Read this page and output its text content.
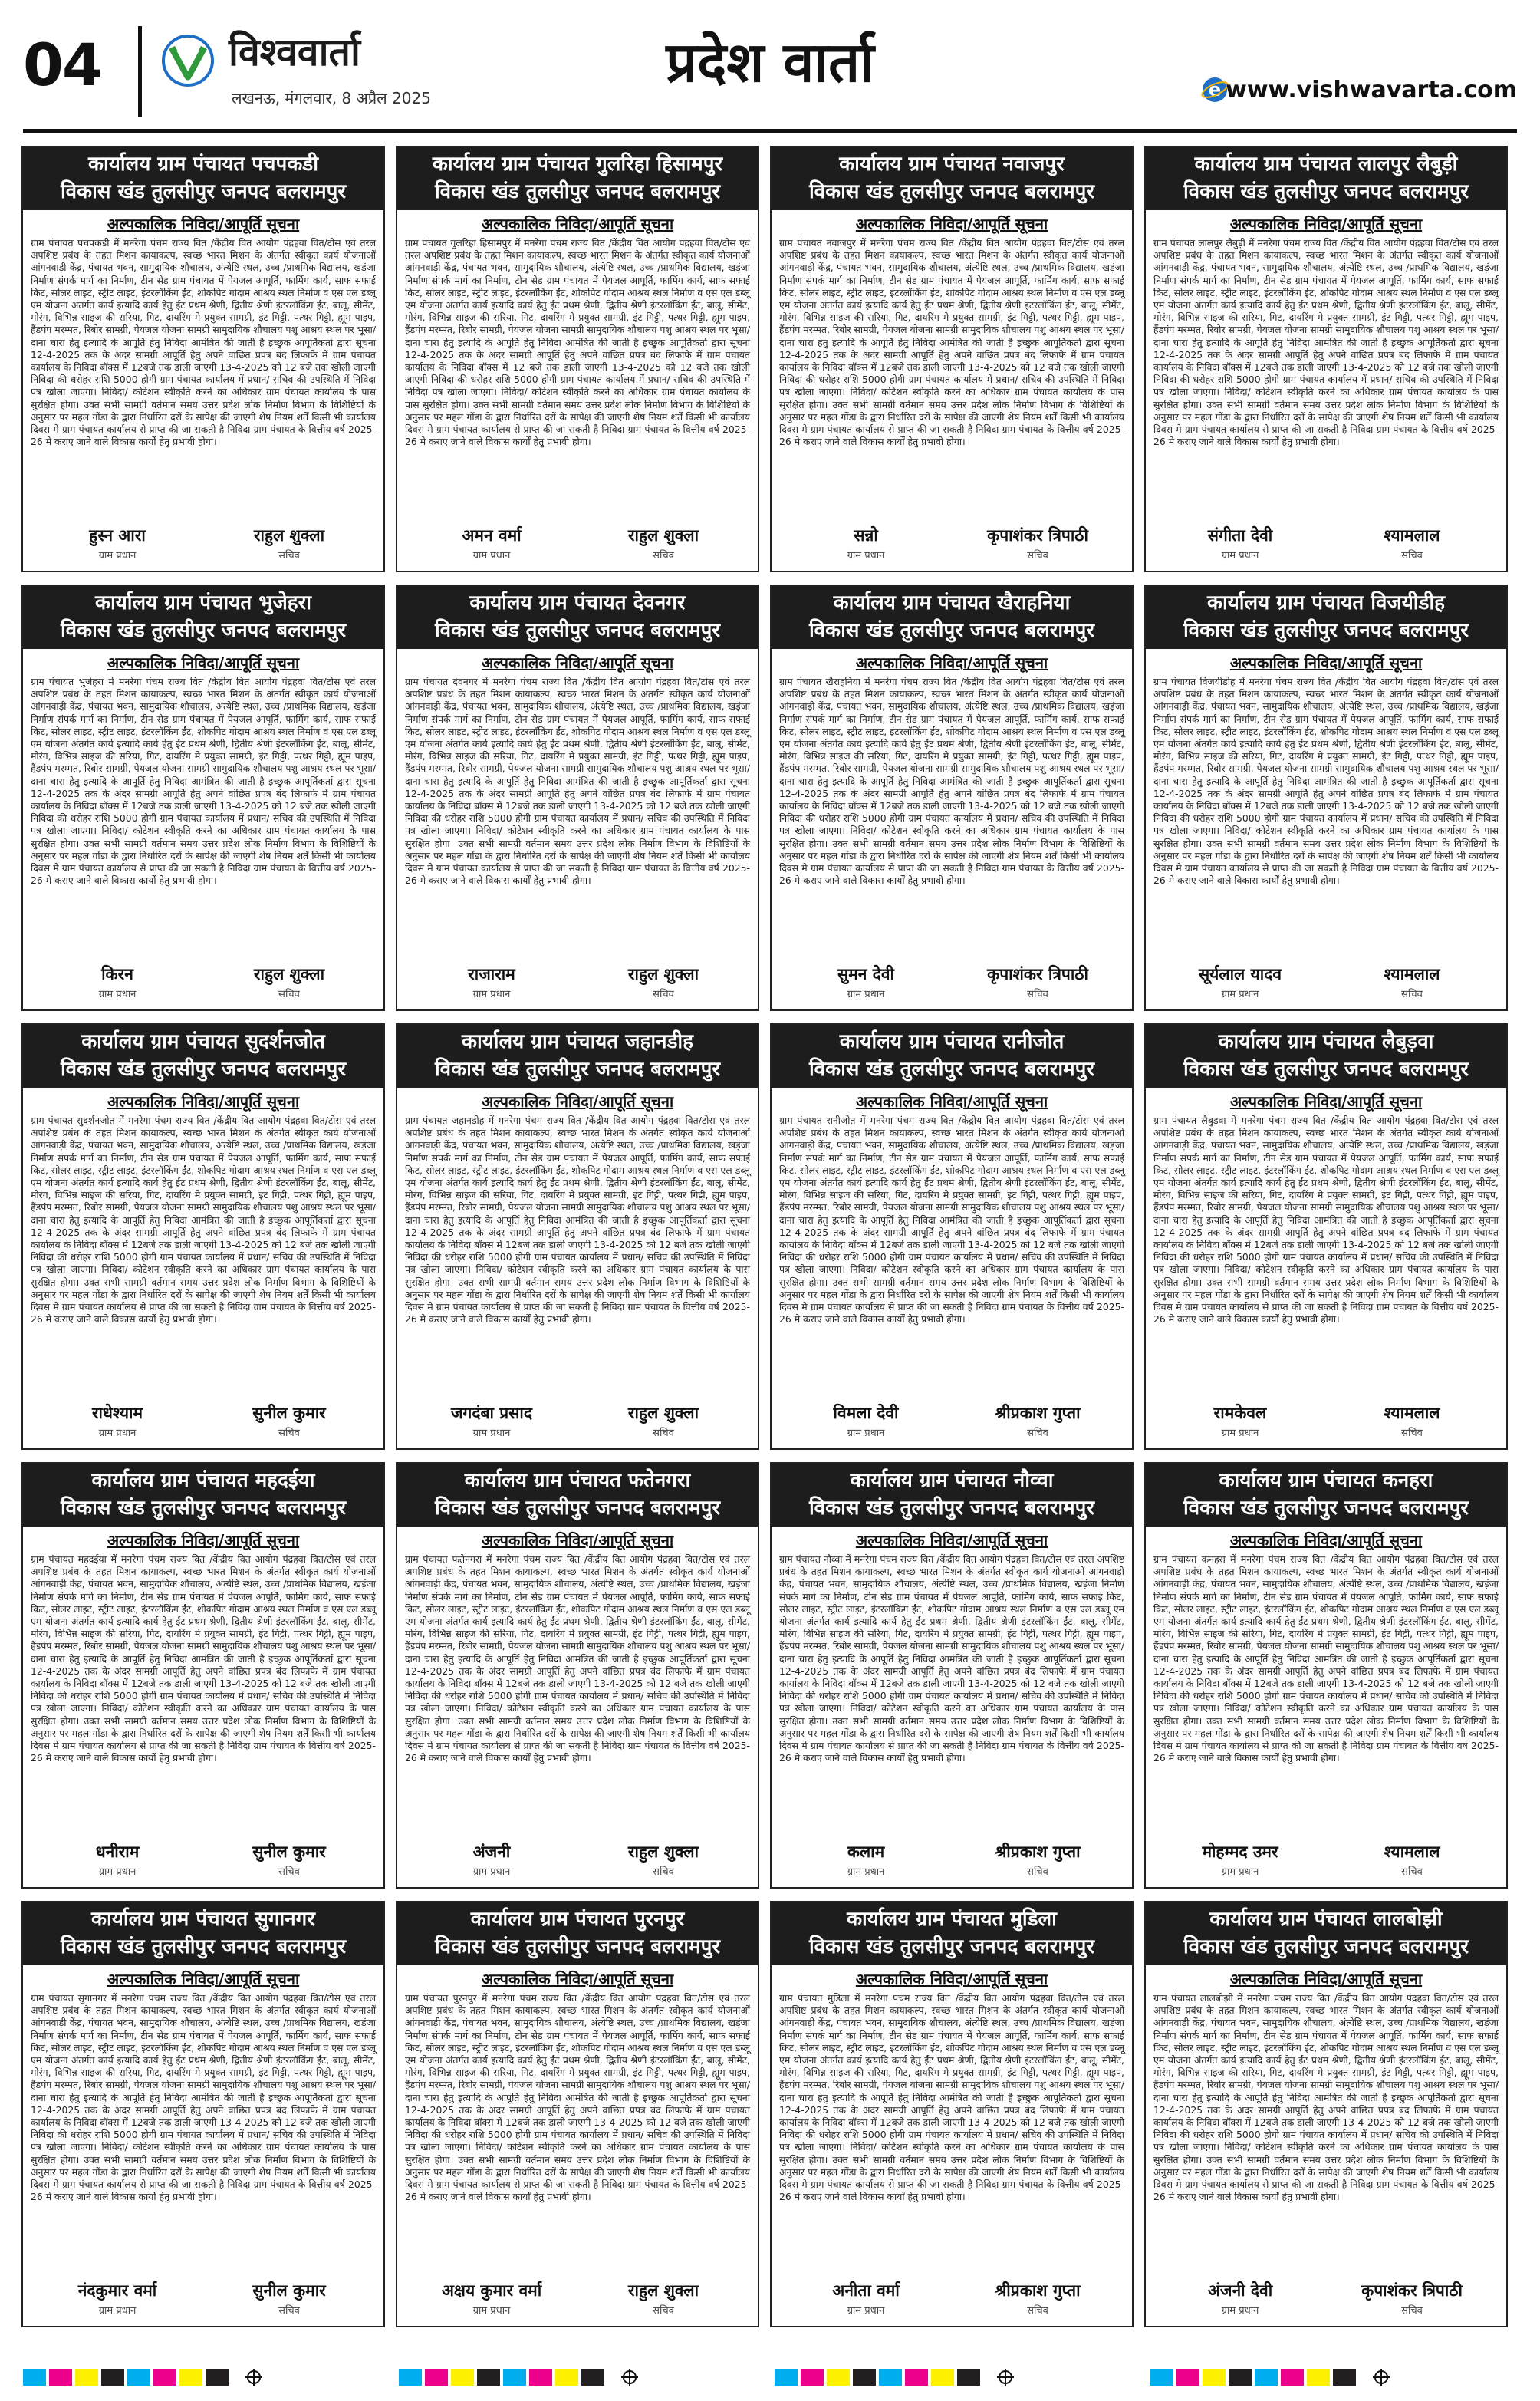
04	विश्ववार्ता
लखनऊ, मंगलवार, 8 अप्रैल 2025
प्रदेश वार्ता	e www.vishwavarta.com
कार्यालय ग्राम पंचायत पचपकडी
विकास खंड तुलसीपुर जनपद बलरामपुर
अल्पकालिक निविदा/आपूर्ति सूचना
ग्राम पंचायत पचपकडी में मनरेगा पंचम राज्य वित /केंद्रीय वित आयोग पंद्रहवा वित/टोस एवं तरल अपशिष्ट प्रबंध के तहत मिशन कायाकल्प, स्वच्छ भारत मिशन के अंतर्गत स्वीकृत कार्य योजनाओं आंगनवाड़ी केंद्र, पंचायत भवन, सामुदायिक शौचालय, अंत्येष्टि स्थल, उच्च /प्राथमिक विद्यालय, खड़ंजा निर्माण संपर्क मार्ग का निर्माण, टीन सेड ग्राम पंचायत में पेयजल आपूर्ति, फार्मिग कार्य, साफ सफाई किट, सोलर लाइट, स्ट्रीट लाइट, इंटरलॉकिंग ईंट, शोकपिट गोदाम आश्रय स्थल निर्माण व एस एल डब्लू एम योजना अंतर्गत कार्य इत्यादि कार्य हेतु ईंट प्रथम श्रेणी, द्वितीय श्रेणी इंटरलॉकिंग ईंट, बालू, सीमेंट, मोरंग, विभिन्न साइज की सरिया, गिट, दायरिंग मे प्रयुक्त सामग्री, इंट गिट्टी, पत्थर गिट्टी, ह्यूम पाइप, हैंडपंप मरम्मत, रिबोर सामग्री, पेयजल योजना सामग्री सामुदायिक शौचालय पशु आश्रय स्थल पर भूसा/दाना चारा हेतु इत्यादि के आपूर्ति हेतु निविदा आमंत्रित की जाती है इच्छुक आपूर्तिकर्ता द्वारा सूचना 12-4-2025 तक के अंदर सामग्री आपूर्ति हेतु अपने वांछित प्रपत्र बंद लिफाफे में ग्राम पंचायत कार्यालय के निविदा बॉक्स में 12बजे तक डाली जाएगी 13-4-2025 को 12 बजे तक खोली जाएगी निविदा की धरोहर राशि 5000 होगी ग्राम पंचायत कार्यालय में प्रधान/ सचिव की उपस्थिति में निविदा पत्र खोला जाएगा। निविदा/ कोटेशन स्वीकृति करने का अधिकार ग्राम पंचायत कार्यालय के पास सुरक्षित होगा। उक्त सभी सामग्री वर्तमान समय उत्तर प्रदेश लोक निर्माण विभाग के विशिष्टियों के अनुसार पर महल गोंडा के द्वारा निर्धारित दरों के सापेक्ष की जाएगी शेष नियम शर्तें किसी भी कार्यालय दिवस मे ग्राम पंचायत कार्यालय से प्राप्त की जा सकती है निविदा ग्राम पंचायत के वित्तीय वर्ष 2025-26 मे कराए जाने वाले विकास कार्यों हेतु प्रभावी होगा।
हुस्न आरा
ग्राम प्रधान
राहुल शुक्ला
सचिव
कार्यालय ग्राम पंचायत गुलरिहा हिसामपुर
विकास खंड तुलसीपुर जनपद बलरामपुर
अल्पकालिक निविदा/आपूर्ति सूचना
ग्राम पंचायत गुलरिहा हिसामपुर में मनरेगा पंचम राज्य वित /केंद्रीय वित आयोग पंद्रहवा वित/टोस एवं तरल अपशिष्ट प्रबंध के तहत मिशन कायाकल्प, स्वच्छ भारत मिशन के अंतर्गत स्वीकृत कार्य योजनाओं आंगनवाड़ी केंद्र, पंचायत भवन, सामुदायिक शौचालय, अंत्येष्टि स्थल, उच्च /प्राथमिक विद्यालय, खड़ंजा निर्माण संपर्क मार्ग का निर्माण, टीन सेड ग्राम पंचायत में पेयजल आपूर्ति, फार्मिग कार्य, साफ सफाई किट, सोलर लाइट, स्ट्रीट लाइट, इंटरलॉकिंग ईंट, शोकपिट गोदाम आश्रय स्थल निर्माण व एस एल डब्लू एम योजना अंतर्गत कार्य इत्यादि कार्य हेतु ईंट प्रथम श्रेणी, द्वितीय श्रेणी इंटरलॉकिंग ईंट, बालू, सीमेंट, मोरंग, विभिन्न साइज की सरिया, गिट, दायरिंग मे प्रयुक्त सामग्री, इंट गिट्टी, पत्थर गिट्टी, ह्यूम पाइप, हैंडपंप मरम्मत, रिबोर सामग्री, पेयजल योजना सामग्री सामुदायिक शौचालय पशु आश्रय स्थल पर भूसा/दाना चारा हेतु इत्यादि के आपूर्ति हेतु निविदा आमंत्रित की जाती है इच्छुक आपूर्तिकर्ता द्वारा सूचना 12-4-2025 तक के अंदर सामग्री आपूर्ति हेतु अपने वांछित प्रपत्र बंद लिफाफे में ग्राम पंचायत कार्यालय के निविदा बॉक्स में 12 बजे तक डाली जाएगी 13-4-2025 को 12 बजे तक खोली जाएगी निविदा की धरोहर राशि 5000 होगी ग्राम पंचायत कार्यालय में प्रधान/ सचिव की उपस्थिति में निविदा पत्र खोला जाएगा। निविदा/ कोटेशन स्वीकृति करने का अधिकार ग्राम पंचायत कार्यालय के पास सुरक्षित होगा। उक्त सभी सामग्री वर्तमान समय उत्तर प्रदेश लोक निर्माण विभाग के विशिष्टियों के अनुसार पर महल गोंडा के द्वारा निर्धारित दरों के सापेक्ष की जाएगी शेष नियम शर्तें किसी भी कार्यालय दिवस मे ग्राम पंचायत कार्यालय से प्राप्त की जा सकती है निविदा ग्राम पंचायत के वित्तीय वर्ष 2025-26 मे कराए जाने वाले विकास कार्यों हेतु प्रभावी होगा।
अमन वर्मा
ग्राम प्रधान
राहुल शुक्ला
सचिव
कार्यालय ग्राम पंचायत नवाजपुर
विकास खंड तुलसीपुर जनपद बलरामपुर
अल्पकालिक निविदा/आपूर्ति सूचना
ग्राम पंचायत नवाजपुर में मनरेगा पंचम राज्य वित /केंद्रीय वित आयोग पंद्रहवा वित/टोस एवं तरल अपशिष्ट प्रबंध के तहत मिशन कायाकल्प, स्वच्छ भारत मिशन के अंतर्गत स्वीकृत कार्य योजनाओं आंगनवाड़ी केंद्र, पंचायत भवन, सामुदायिक शौचालय, अंत्येष्टि स्थल, उच्च /प्राथमिक विद्यालय, खड़ंजा निर्माण संपर्क मार्ग का निर्माण, टीन सेड ग्राम पंचायत में पेयजल आपूर्ति, फार्मिग कार्य, साफ सफाई किट, सोलर लाइट, स्ट्रीट लाइट, इंटरलॉकिंग ईंट, शोकपिट गोदाम आश्रय स्थल निर्माण व एस एल डब्लू एम योजना अंतर्गत कार्य इत्यादि कार्य हेतु ईंट प्रथम श्रेणी, द्वितीय श्रेणी इंटरलॉकिंग ईंट, बालू, सीमेंट, मोरंग, विभिन्न साइज की सरिया, गिट, दायरिंग मे प्रयुक्त सामग्री, इंट गिट्टी, पत्थर गिट्टी, ह्यूम पाइप, हैंडपंप मरम्मत, रिबोर सामग्री, पेयजल योजना सामग्री सामुदायिक शौचालय पशु आश्रय स्थल पर भूसा/दाना चारा हेतु इत्यादि के आपूर्ति हेतु निविदा आमंत्रित की जाती है इच्छुक आपूर्तिकर्ता द्वारा सूचना 12-4-2025 तक के अंदर सामग्री आपूर्ति हेतु अपने वांछित प्रपत्र बंद लिफाफे में ग्राम पंचायत कार्यालय के निविदा बॉक्स में 12बजे तक डाली जाएगी 13-4-2025 को 12 बजे तक खोली जाएगी निविदा की धरोहर राशि 5000 होगी ग्राम पंचायत कार्यालय में प्रधान/ सचिव की उपस्थिति में निविदा पत्र खोला जाएगा। निविदा/ कोटेशन स्वीकृति करने का अधिकार ग्राम पंचायत कार्यालय के पास सुरक्षित होगा। उक्त सभी सामग्री वर्तमान समय उत्तर प्रदेश लोक निर्माण विभाग के विशिष्टियों के अनुसार पर महल गोंडा के द्वारा निर्धारित दरों के सापेक्ष की जाएगी शेष नियम शर्तें किसी भी कार्यालय दिवस मे ग्राम पंचायत कार्यालय से प्राप्त की जा सकती है निविदा ग्राम पंचायत के वित्तीय वर्ष 2025-26 मे कराए जाने वाले विकास कार्यों हेतु प्रभावी होगा।
सन्नो
ग्राम प्रधान
कृपाशंकर त्रिपाठी
सचिव
कार्यालय ग्राम पंचायत लालपुर लैबुड़ी
विकास खंड तुलसीपुर जनपद बलरामपुर
अल्पकालिक निविदा/आपूर्ति सूचना
ग्राम पंचायत लालपुर लैबुड़ी में मनरेगा पंचम राज्य वित /केंद्रीय वित आयोग पंद्रहवा वित/टोस एवं तरल अपशिष्ट प्रबंध के तहत मिशन कायाकल्प, स्वच्छ भारत मिशन के अंतर्गत स्वीकृत कार्य योजनाओं आंगनवाड़ी केंद्र, पंचायत भवन, सामुदायिक शौचालय, अंत्येष्टि स्थल, उच्च /प्राथमिक विद्यालय, खड़ंजा निर्माण संपर्क मार्ग का निर्माण, टीन सेड ग्राम पंचायत में पेयजल आपूर्ति, फार्मिग कार्य, साफ सफाई किट, सोलर लाइट, स्ट्रीट लाइट, इंटरलॉकिंग ईंट, शोकपिट गोदाम आश्रय स्थल निर्माण व एस एल डब्लू एम योजना अंतर्गत कार्य इत्यादि कार्य हेतु ईंट प्रथम श्रेणी, द्वितीय श्रेणी इंटरलॉकिंग ईंट, बालू, सीमेंट, मोरंग, विभिन्न साइज की सरिया, गिट, दायरिंग मे प्रयुक्त सामग्री, इंट गिट्टी, पत्थर गिट्टी, ह्यूम पाइप, हैंडपंप मरम्मत, रिबोर सामग्री, पेयजल योजना सामग्री सामुदायिक शौचालय पशु आश्रय स्थल पर भूसा/दाना चारा हेतु इत्यादि के आपूर्ति हेतु निविदा आमंत्रित की जाती है इच्छुक आपूर्तिकर्ता द्वारा सूचना 12-4-2025 तक के अंदर सामग्री आपूर्ति हेतु अपने वांछित प्रपत्र बंद लिफाफे में ग्राम पंचायत कार्यालय के निविदा बॉक्स में 12बजे तक डाली जाएगी 13-4-2025 को 12 बजे तक खोली जाएगी निविदा की धरोहर राशि 5000 होगी ग्राम पंचायत कार्यालय में प्रधान/ सचिव की उपस्थिति में निविदा पत्र खोला जाएगा। निविदा/ कोटेशन स्वीकृति करने का अधिकार ग्राम पंचायत कार्यालय के पास सुरक्षित होगा। उक्त सभी सामग्री वर्तमान समय उत्तर प्रदेश लोक निर्माण विभाग के विशिष्टियों के अनुसार पर महल गोंडा के द्वारा निर्धारित दरों के सापेक्ष की जाएगी शेष नियम शर्तें किसी भी कार्यालय दिवस मे ग्राम पंचायत कार्यालय से प्राप्त की जा सकती है निविदा ग्राम पंचायत के वित्तीय वर्ष 2025-26 मे कराए जाने वाले विकास कार्यों हेतु प्रभावी होगा।
संगीता देवी
ग्राम प्रधान
श्यामलाल
सचिव
कार्यालय ग्राम पंचायत भुजेहरा
विकास खंड तुलसीपुर जनपद बलरामपुर
अल्पकालिक निविदा/आपूर्ति सूचना
ग्राम पंचायत भुजेहरा में मनरेगा पंचम राज्य वित /केंद्रीय वित आयोग पंद्रहवा वित/टोस एवं तरल अपशिष्ट प्रबंध के तहत मिशन कायाकल्प, स्वच्छ भारत मिशन के अंतर्गत स्वीकृत कार्य योजनाओं आंगनवाड़ी केंद्र, पंचायत भवन, सामुदायिक शौचालय, अंत्येष्टि स्थल, उच्च /प्राथमिक विद्यालय, खड़ंजा निर्माण संपर्क मार्ग का निर्माण, टीन सेड ग्राम पंचायत में पेयजल आपूर्ति, फार्मिग कार्य, साफ सफाई किट, सोलर लाइट, स्ट्रीट लाइट, इंटरलॉकिंग ईंट, शोकपिट गोदाम आश्रय स्थल निर्माण व एस एल डब्लू एम योजना अंतर्गत कार्य इत्यादि कार्य हेतु ईंट प्रथम श्रेणी, द्वितीय श्रेणी इंटरलॉकिंग ईंट, बालू, सीमेंट, मोरंग, विभिन्न साइज की सरिया, गिट, दायरिंग मे प्रयुक्त सामग्री, इंट गिट्टी, पत्थर गिट्टी, ह्यूम पाइप, हैंडपंप मरम्मत, रिबोर सामग्री, पेयजल योजना सामग्री सामुदायिक शौचालय पशु आश्रय स्थल पर भूसा/दाना चारा हेतु इत्यादि के आपूर्ति हेतु निविदा आमंत्रित की जाती है इच्छुक आपूर्तिकर्ता द्वारा सूचना 12-4-2025 तक के अंदर सामग्री आपूर्ति हेतु अपने वांछित प्रपत्र बंद लिफाफे में ग्राम पंचायत कार्यालय के निविदा बॉक्स में 12बजे तक डाली जाएगी 13-4-2025 को 12 बजे तक खोली जाएगी निविदा की धरोहर राशि 5000 होगी ग्राम पंचायत कार्यालय में प्रधान/ सचिव की उपस्थिति में निविदा पत्र खोला जाएगा। निविदा/ कोटेशन स्वीकृति करने का अधिकार ग्राम पंचायत कार्यालय के पास सुरक्षित होगा। उक्त सभी सामग्री वर्तमान समय उत्तर प्रदेश लोक निर्माण विभाग के विशिष्टियों के अनुसार पर महल गोंडा के द्वारा निर्धारित दरों के सापेक्ष की जाएगी शेष नियम शर्तें किसी भी कार्यालय दिवस मे ग्राम पंचायत कार्यालय से प्राप्त की जा सकती है निविदा ग्राम पंचायत के वित्तीय वर्ष 2025-26 मे कराए जाने वाले विकास कार्यों हेतु प्रभावी होगा।
किरन
ग्राम प्रधान
राहुल शुक्ला
सचिव
कार्यालय ग्राम पंचायत देवनगर
विकास खंड तुलसीपुर जनपद बलरामपुर
अल्पकालिक निविदा/आपूर्ति सूचना
ग्राम पंचायत देवनगर में मनरेगा पंचम राज्य वित /केंद्रीय वित आयोग पंद्रहवा वित/टोस एवं तरल अपशिष्ट प्रबंध के तहत मिशन कायाकल्प, स्वच्छ भारत मिशन के अंतर्गत स्वीकृत कार्य योजनाओं आंगनवाड़ी केंद्र, पंचायत भवन, सामुदायिक शौचालय, अंत्येष्टि स्थल, उच्च /प्राथमिक विद्यालय, खड़ंजा निर्माण संपर्क मार्ग का निर्माण, टीन सेड ग्राम पंचायत में पेयजल आपूर्ति, फार्मिग कार्य, साफ सफाई किट, सोलर लाइट, स्ट्रीट लाइट, इंटरलॉकिंग ईंट, शोकपिट गोदाम आश्रय स्थल निर्माण व एस एल डब्लू एम योजना अंतर्गत कार्य इत्यादि कार्य हेतु ईंट प्रथम श्रेणी, द्वितीय श्रेणी इंटरलॉकिंग ईंट, बालू, सीमेंट, मोरंग, विभिन्न साइज की सरिया, गिट, दायरिंग मे प्रयुक्त सामग्री, इंट गिट्टी, पत्थर गिट्टी, ह्यूम पाइप, हैंडपंप मरम्मत, रिबोर सामग्री, पेयजल योजना सामग्री सामुदायिक शौचालय पशु आश्रय स्थल पर भूसा/दाना चारा हेतु इत्यादि के आपूर्ति हेतु निविदा आमंत्रित की जाती है इच्छुक आपूर्तिकर्ता द्वारा सूचना 12-4-2025 तक के अंदर सामग्री आपूर्ति हेतु अपने वांछित प्रपत्र बंद लिफाफे में ग्राम पंचायत कार्यालय के निविदा बॉक्स में 12बजे तक डाली जाएगी 13-4-2025 को 12 बजे तक खोली जाएगी निविदा की धरोहर राशि 5000 होगी ग्राम पंचायत कार्यालय में प्रधान/ सचिव की उपस्थिति में निविदा पत्र खोला जाएगा। निविदा/ कोटेशन स्वीकृति करने का अधिकार ग्राम पंचायत कार्यालय के पास सुरक्षित होगा। उक्त सभी सामग्री वर्तमान समय उत्तर प्रदेश लोक निर्माण विभाग के विशिष्टियों के अनुसार पर महल गोंडा के द्वारा निर्धारित दरों के सापेक्ष की जाएगी शेष नियम शर्तें किसी भी कार्यालय दिवस मे ग्राम पंचायत कार्यालय से प्राप्त की जा सकती है निविदा ग्राम पंचायत के वित्तीय वर्ष 2025-26 मे कराए जाने वाले विकास कार्यों हेतु प्रभावी होगा।
राजाराम
ग्राम प्रधान
राहुल शुक्ला
सचिव
कार्यालय ग्राम पंचायत खैराहनिया
विकास खंड तुलसीपुर जनपद बलरामपुर
अल्पकालिक निविदा/आपूर्ति सूचना
ग्राम पंचायत खैराहनिया में मनरेगा पंचम राज्य वित /केंद्रीय वित आयोग पंद्रहवा वित/टोस एवं तरल अपशिष्ट प्रबंध के तहत मिशन कायाकल्प, स्वच्छ भारत मिशन के अंतर्गत स्वीकृत कार्य योजनाओं आंगनवाड़ी केंद्र, पंचायत भवन, सामुदायिक शौचालय, अंत्येष्टि स्थल, उच्च /प्राथमिक विद्यालय, खड़ंजा निर्माण संपर्क मार्ग का निर्माण, टीन सेड ग्राम पंचायत में पेयजल आपूर्ति, फार्मिग कार्य, साफ सफाई किट, सोलर लाइट, स्ट्रीट लाइट, इंटरलॉकिंग ईंट, शोकपिट गोदाम आश्रय स्थल निर्माण व एस एल डब्लू एम योजना अंतर्गत कार्य इत्यादि कार्य हेतु ईंट प्रथम श्रेणी, द्वितीय श्रेणी इंटरलॉकिंग ईंट, बालू, सीमेंट, मोरंग, विभिन्न साइज की सरिया, गिट, दायरिंग मे प्रयुक्त सामग्री, इंट गिट्टी, पत्थर गिट्टी, ह्यूम पाइप, हैंडपंप मरम्मत, रिबोर सामग्री, पेयजल योजना सामग्री सामुदायिक शौचालय पशु आश्रय स्थल पर भूसा/दाना चारा हेतु इत्यादि के आपूर्ति हेतु निविदा आमंत्रित की जाती है इच्छुक आपूर्तिकर्ता द्वारा सूचना 12-4-2025 तक के अंदर सामग्री आपूर्ति हेतु अपने वांछित प्रपत्र बंद लिफाफे में ग्राम पंचायत कार्यालय के निविदा बॉक्स में 12बजे तक डाली जाएगी 13-4-2025 को 12 बजे तक खोली जाएगी निविदा की धरोहर राशि 5000 होगी ग्राम पंचायत कार्यालय में प्रधान/ सचिव की उपस्थिति में निविदा पत्र खोला जाएगा। निविदा/ कोटेशन स्वीकृति करने का अधिकार ग्राम पंचायत कार्यालय के पास सुरक्षित होगा। उक्त सभी सामग्री वर्तमान समय उत्तर प्रदेश लोक निर्माण विभाग के विशिष्टियों के अनुसार पर महल गोंडा के द्वारा निर्धारित दरों के सापेक्ष की जाएगी शेष नियम शर्तें किसी भी कार्यालय दिवस मे ग्राम पंचायत कार्यालय से प्राप्त की जा सकती है निविदा ग्राम पंचायत के वित्तीय वर्ष 2025-26 मे कराए जाने वाले विकास कार्यों हेतु प्रभावी होगा।
सुमन देवी
ग्राम प्रधान
कृपाशंकर त्रिपाठी
सचिव
कार्यालय ग्राम पंचायत विजयीडीह
विकास खंड तुलसीपुर जनपद बलरामपुर
अल्पकालिक निविदा/आपूर्ति सूचना
ग्राम पंचायत विजयीडीह में मनरेगा पंचम राज्य वित /केंद्रीय वित आयोग पंद्रहवा वित/टोस एवं तरल अपशिष्ट प्रबंध के तहत मिशन कायाकल्प, स्वच्छ भारत मिशन के अंतर्गत स्वीकृत कार्य योजनाओं आंगनवाड़ी केंद्र, पंचायत भवन, सामुदायिक शौचालय, अंत्येष्टि स्थल, उच्च /प्राथमिक विद्यालय, खड़ंजा निर्माण संपर्क मार्ग का निर्माण, टीन सेड ग्राम पंचायत में पेयजल आपूर्ति, फार्मिग कार्य, साफ सफाई किट, सोलर लाइट, स्ट्रीट लाइट, इंटरलॉकिंग ईंट, शोकपिट गोदाम आश्रय स्थल निर्माण व एस एल डब्लू एम योजना अंतर्गत कार्य इत्यादि कार्य हेतु ईंट प्रथम श्रेणी, द्वितीय श्रेणी इंटरलॉकिंग ईंट, बालू, सीमेंट, मोरंग, विभिन्न साइज की सरिया, गिट, दायरिंग मे प्रयुक्त सामग्री, इंट गिट्टी, पत्थर गिट्टी, ह्यूम पाइप, हैंडपंप मरम्मत, रिबोर सामग्री, पेयजल योजना सामग्री सामुदायिक शौचालय पशु आश्रय स्थल पर भूसा/दाना चारा हेतु इत्यादि के आपूर्ति हेतु निविदा आमंत्रित की जाती है इच्छुक आपूर्तिकर्ता द्वारा सूचना 12-4-2025 तक के अंदर सामग्री आपूर्ति हेतु अपने वांछित प्रपत्र बंद लिफाफे में ग्राम पंचायत कार्यालय के निविदा बॉक्स में 12बजे तक डाली जाएगी 13-4-2025 को 12 बजे तक खोली जाएगी निविदा की धरोहर राशि 5000 होगी ग्राम पंचायत कार्यालय में प्रधान/ सचिव की उपस्थिति में निविदा पत्र खोला जाएगा। निविदा/ कोटेशन स्वीकृति करने का अधिकार ग्राम पंचायत कार्यालय के पास सुरक्षित होगा। उक्त सभी सामग्री वर्तमान समय उत्तर प्रदेश लोक निर्माण विभाग के विशिष्टियों के अनुसार पर महल गोंडा के द्वारा निर्धारित दरों के सापेक्ष की जाएगी शेष नियम शर्तें किसी भी कार्यालय दिवस मे ग्राम पंचायत कार्यालय से प्राप्त की जा सकती है निविदा ग्राम पंचायत के वित्तीय वर्ष 2025-26 मे कराए जाने वाले विकास कार्यों हेतु प्रभावी होगा।
सूर्यलाल यादव
ग्राम प्रधान
श्यामलाल
सचिव
कार्यालय ग्राम पंचायत सुदर्शनजोत
विकास खंड तुलसीपुर जनपद बलरामपुर
अल्पकालिक निविदा/आपूर्ति सूचना
ग्राम पंचायत सुदर्शनजोत में मनरेगा पंचम राज्य वित /केंद्रीय वित आयोग पंद्रहवा वित/टोस एवं तरल अपशिष्ट प्रबंध के तहत मिशन कायाकल्प, स्वच्छ भारत मिशन के अंतर्गत स्वीकृत कार्य योजनाओं आंगनवाड़ी केंद्र, पंचायत भवन, सामुदायिक शौचालय, अंत्येष्टि स्थल, उच्च /प्राथमिक विद्यालय, खड़ंजा निर्माण संपर्क मार्ग का निर्माण, टीन सेड ग्राम पंचायत में पेयजल आपूर्ति, फार्मिग कार्य, साफ सफाई किट, सोलर लाइट, स्ट्रीट लाइट, इंटरलॉकिंग ईंट, शोकपिट गोदाम आश्रय स्थल निर्माण व एस एल डब्लू एम योजना अंतर्गत कार्य इत्यादि कार्य हेतु ईंट प्रथम श्रेणी, द्वितीय श्रेणी इंटरलॉकिंग ईंट, बालू, सीमेंट, मोरंग, विभिन्न साइज की सरिया, गिट, दायरिंग मे प्रयुक्त सामग्री, इंट गिट्टी, पत्थर गिट्टी, ह्यूम पाइप, हैंडपंप मरम्मत, रिबोर सामग्री, पेयजल योजना सामग्री सामुदायिक शौचालय पशु आश्रय स्थल पर भूसा/दाना चारा हेतु इत्यादि के आपूर्ति हेतु निविदा आमंत्रित की जाती है इच्छुक आपूर्तिकर्ता द्वारा सूचना 12-4-2025 तक के अंदर सामग्री आपूर्ति हेतु अपने वांछित प्रपत्र बंद लिफाफे में ग्राम पंचायत कार्यालय के निविदा बॉक्स में 12बजे तक डाली जाएगी 13-4-2025 को 12 बजे तक खोली जाएगी निविदा की धरोहर राशि 5000 होगी ग्राम पंचायत कार्यालय में प्रधान/ सचिव की उपस्थिति में निविदा पत्र खोला जाएगा। निविदा/ कोटेशन स्वीकृति करने का अधिकार ग्राम पंचायत कार्यालय के पास सुरक्षित होगा। उक्त सभी सामग्री वर्तमान समय उत्तर प्रदेश लोक निर्माण विभाग के विशिष्टियों के अनुसार पर महल गोंडा के द्वारा निर्धारित दरों के सापेक्ष की जाएगी शेष नियम शर्तें किसी भी कार्यालय दिवस मे ग्राम पंचायत कार्यालय से प्राप्त की जा सकती है निविदा ग्राम पंचायत के वित्तीय वर्ष 2025-26 मे कराए जाने वाले विकास कार्यों हेतु प्रभावी होगा।
राधेश्याम
ग्राम प्रधान
सुनील कुमार
सचिव
कार्यालय ग्राम पंचायत जहानडीह
विकास खंड तुलसीपुर जनपद बलरामपुर
अल्पकालिक निविदा/आपूर्ति सूचना
ग्राम पंचायत जहानडीह में मनरेगा पंचम राज्य वित /केंद्रीय वित आयोग पंद्रहवा वित/टोस एवं तरल अपशिष्ट प्रबंध के तहत मिशन कायाकल्प, स्वच्छ भारत मिशन के अंतर्गत स्वीकृत कार्य योजनाओं आंगनवाड़ी केंद्र, पंचायत भवन, सामुदायिक शौचालय, अंत्येष्टि स्थल, उच्च /प्राथमिक विद्यालय, खड़ंजा निर्माण संपर्क मार्ग का निर्माण, टीन सेड ग्राम पंचायत में पेयजल आपूर्ति, फार्मिग कार्य, साफ सफाई किट, सोलर लाइट, स्ट्रीट लाइट, इंटरलॉकिंग ईंट, शोकपिट गोदाम आश्रय स्थल निर्माण व एस एल डब्लू एम योजना अंतर्गत कार्य इत्यादि कार्य हेतु ईंट प्रथम श्रेणी, द्वितीय श्रेणी इंटरलॉकिंग ईंट, बालू, सीमेंट, मोरंग, विभिन्न साइज की सरिया, गिट, दायरिंग मे प्रयुक्त सामग्री, इंट गिट्टी, पत्थर गिट्टी, ह्यूम पाइप, हैंडपंप मरम्मत, रिबोर सामग्री, पेयजल योजना सामग्री सामुदायिक शौचालय पशु आश्रय स्थल पर भूसा/दाना चारा हेतु इत्यादि के आपूर्ति हेतु निविदा आमंत्रित की जाती है इच्छुक आपूर्तिकर्ता द्वारा सूचना 12-4-2025 तक के अंदर सामग्री आपूर्ति हेतु अपने वांछित प्रपत्र बंद लिफाफे में ग्राम पंचायत कार्यालय के निविदा बॉक्स में 12बजे तक डाली जाएगी 13-4-2025 को 12 बजे तक खोली जाएगी निविदा की धरोहर राशि 5000 होगी ग्राम पंचायत कार्यालय में प्रधान/ सचिव की उपस्थिति में निविदा पत्र खोला जाएगा। निविदा/ कोटेशन स्वीकृति करने का अधिकार ग्राम पंचायत कार्यालय के पास सुरक्षित होगा। उक्त सभी सामग्री वर्तमान समय उत्तर प्रदेश लोक निर्माण विभाग के विशिष्टियों के अनुसार पर महल गोंडा के द्वारा निर्धारित दरों के सापेक्ष की जाएगी शेष नियम शर्तें किसी भी कार्यालय दिवस मे ग्राम पंचायत कार्यालय से प्राप्त की जा सकती है निविदा ग्राम पंचायत के वित्तीय वर्ष 2025-26 मे कराए जाने वाले विकास कार्यों हेतु प्रभावी होगा।
जगदंबा प्रसाद
ग्राम प्रधान
राहुल शुक्ला
सचिव
कार्यालय ग्राम पंचायत रानीजोत
विकास खंड तुलसीपुर जनपद बलरामपुर
अल्पकालिक निविदा/आपूर्ति सूचना
ग्राम पंचायत रानीजोत में मनरेगा पंचम राज्य वित /केंद्रीय वित आयोग पंद्रहवा वित/टोस एवं तरल अपशिष्ट प्रबंध के तहत मिशन कायाकल्प, स्वच्छ भारत मिशन के अंतर्गत स्वीकृत कार्य योजनाओं आंगनवाड़ी केंद्र, पंचायत भवन, सामुदायिक शौचालय, अंत्येष्टि स्थल, उच्च /प्राथमिक विद्यालय, खड़ंजा निर्माण संपर्क मार्ग का निर्माण, टीन सेड ग्राम पंचायत में पेयजल आपूर्ति, फार्मिग कार्य, साफ सफाई किट, सोलर लाइट, स्ट्रीट लाइट, इंटरलॉकिंग ईंट, शोकपिट गोदाम आश्रय स्थल निर्माण व एस एल डब्लू एम योजना अंतर्गत कार्य इत्यादि कार्य हेतु ईंट प्रथम श्रेणी, द्वितीय श्रेणी इंटरलॉकिंग ईंट, बालू, सीमेंट, मोरंग, विभिन्न साइज की सरिया, गिट, दायरिंग मे प्रयुक्त सामग्री, इंट गिट्टी, पत्थर गिट्टी, ह्यूम पाइप, हैंडपंप मरम्मत, रिबोर सामग्री, पेयजल योजना सामग्री सामुदायिक शौचालय पशु आश्रय स्थल पर भूसा/दाना चारा हेतु इत्यादि के आपूर्ति हेतु निविदा आमंत्रित की जाती है इच्छुक आपूर्तिकर्ता द्वारा सूचना 12-4-2025 तक के अंदर सामग्री आपूर्ति हेतु अपने वांछित प्रपत्र बंद लिफाफे में ग्राम पंचायत कार्यालय के निविदा बॉक्स में 12बजे तक डाली जाएगी 13-4-2025 को 12 बजे तक खोली जाएगी निविदा की धरोहर राशि 5000 होगी ग्राम पंचायत कार्यालय में प्रधान/ सचिव की उपस्थिति में निविदा पत्र खोला जाएगा। निविदा/ कोटेशन स्वीकृति करने का अधिकार ग्राम पंचायत कार्यालय के पास सुरक्षित होगा। उक्त सभी सामग्री वर्तमान समय उत्तर प्रदेश लोक निर्माण विभाग के विशिष्टियों के अनुसार पर महल गोंडा के द्वारा निर्धारित दरों के सापेक्ष की जाएगी शेष नियम शर्तें किसी भी कार्यालय दिवस मे ग्राम पंचायत कार्यालय से प्राप्त की जा सकती है निविदा ग्राम पंचायत के वित्तीय वर्ष 2025-26 मे कराए जाने वाले विकास कार्यों हेतु प्रभावी होगा।
विमला देवी
ग्राम प्रधान
श्रीप्रकाश गुप्ता
सचिव
कार्यालय ग्राम पंचायत लैबुड़वा
विकास खंड तुलसीपुर जनपद बलरामपुर
अल्पकालिक निविदा/आपूर्ति सूचना
ग्राम पंचायत लैबुड़वा में मनरेगा पंचम राज्य वित /केंद्रीय वित आयोग पंद्रहवा वित/टोस एवं तरल अपशिष्ट प्रबंध के तहत मिशन कायाकल्प, स्वच्छ भारत मिशन के अंतर्गत स्वीकृत कार्य योजनाओं आंगनवाड़ी केंद्र, पंचायत भवन, सामुदायिक शौचालय, अंत्येष्टि स्थल, उच्च /प्राथमिक विद्यालय, खड़ंजा निर्माण संपर्क मार्ग का निर्माण, टीन सेड ग्राम पंचायत में पेयजल आपूर्ति, फार्मिग कार्य, साफ सफाई किट, सोलर लाइट, स्ट्रीट लाइट, इंटरलॉकिंग ईंट, शोकपिट गोदाम आश्रय स्थल निर्माण व एस एल डब्लू एम योजना अंतर्गत कार्य इत्यादि कार्य हेतु ईंट प्रथम श्रेणी, द्वितीय श्रेणी इंटरलॉकिंग ईंट, बालू, सीमेंट, मोरंग, विभिन्न साइज की सरिया, गिट, दायरिंग मे प्रयुक्त सामग्री, इंट गिट्टी, पत्थर गिट्टी, ह्यूम पाइप, हैंडपंप मरम्मत, रिबोर सामग्री, पेयजल योजना सामग्री सामुदायिक शौचालय पशु आश्रय स्थल पर भूसा/दाना चारा हेतु इत्यादि के आपूर्ति हेतु निविदा आमंत्रित की जाती है इच्छुक आपूर्तिकर्ता द्वारा सूचना 12-4-2025 तक के अंदर सामग्री आपूर्ति हेतु अपने वांछित प्रपत्र बंद लिफाफे में ग्राम पंचायत कार्यालय के निविदा बॉक्स में 12बजे तक डाली जाएगी 13-4-2025 को 12 बजे तक खोली जाएगी निविदा की धरोहर राशि 5000 होगी ग्राम पंचायत कार्यालय में प्रधान/ सचिव की उपस्थिति में निविदा पत्र खोला जाएगा। निविदा/ कोटेशन स्वीकृति करने का अधिकार ग्राम पंचायत कार्यालय के पास सुरक्षित होगा। उक्त सभी सामग्री वर्तमान समय उत्तर प्रदेश लोक निर्माण विभाग के विशिष्टियों के अनुसार पर महल गोंडा के द्वारा निर्धारित दरों के सापेक्ष की जाएगी शेष नियम शर्तें किसी भी कार्यालय दिवस मे ग्राम पंचायत कार्यालय से प्राप्त की जा सकती है निविदा ग्राम पंचायत के वित्तीय वर्ष 2025-26 मे कराए जाने वाले विकास कार्यों हेतु प्रभावी होगा।
रामकेवल
ग्राम प्रधान
श्यामलाल
सचिव
कार्यालय ग्राम पंचायत महदईया
विकास खंड तुलसीपुर जनपद बलरामपुर
अल्पकालिक निविदा/आपूर्ति सूचना
ग्राम पंचायत महदईया में मनरेगा पंचम राज्य वित /केंद्रीय वित आयोग पंद्रहवा वित/टोस एवं तरल अपशिष्ट प्रबंध के तहत मिशन कायाकल्प, स्वच्छ भारत मिशन के अंतर्गत स्वीकृत कार्य योजनाओं आंगनवाड़ी केंद्र, पंचायत भवन, सामुदायिक शौचालय, अंत्येष्टि स्थल, उच्च /प्राथमिक विद्यालय, खड़ंजा निर्माण संपर्क मार्ग का निर्माण, टीन सेड ग्राम पंचायत में पेयजल आपूर्ति, फार्मिग कार्य, साफ सफाई किट, सोलर लाइट, स्ट्रीट लाइट, इंटरलॉकिंग ईंट, शोकपिट गोदाम आश्रय स्थल निर्माण व एस एल डब्लू एम योजना अंतर्गत कार्य इत्यादि कार्य हेतु ईंट प्रथम श्रेणी, द्वितीय श्रेणी इंटरलॉकिंग ईंट, बालू, सीमेंट, मोरंग, विभिन्न साइज की सरिया, गिट, दायरिंग मे प्रयुक्त सामग्री, इंट गिट्टी, पत्थर गिट्टी, ह्यूम पाइप, हैंडपंप मरम्मत, रिबोर सामग्री, पेयजल योजना सामग्री सामुदायिक शौचालय पशु आश्रय स्थल पर भूसा/दाना चारा हेतु इत्यादि के आपूर्ति हेतु निविदा आमंत्रित की जाती है इच्छुक आपूर्तिकर्ता द्वारा सूचना 12-4-2025 तक के अंदर सामग्री आपूर्ति हेतु अपने वांछित प्रपत्र बंद लिफाफे में ग्राम पंचायत कार्यालय के निविदा बॉक्स में 12बजे तक डाली जाएगी 13-4-2025 को 12 बजे तक खोली जाएगी निविदा की धरोहर राशि 5000 होगी ग्राम पंचायत कार्यालय में प्रधान/ सचिव की उपस्थिति में निविदा पत्र खोला जाएगा। निविदा/ कोटेशन स्वीकृति करने का अधिकार ग्राम पंचायत कार्यालय के पास सुरक्षित होगा। उक्त सभी सामग्री वर्तमान समय उत्तर प्रदेश लोक निर्माण विभाग के विशिष्टियों के अनुसार पर महल गोंडा के द्वारा निर्धारित दरों के सापेक्ष की जाएगी शेष नियम शर्तें किसी भी कार्यालय दिवस मे ग्राम पंचायत कार्यालय से प्राप्त की जा सकती है निविदा ग्राम पंचायत के वित्तीय वर्ष 2025-26 मे कराए जाने वाले विकास कार्यों हेतु प्रभावी होगा।
धनीराम
ग्राम प्रधान
सुनील कुमार
सचिव
कार्यालय ग्राम पंचायत फतेनगरा
विकास खंड तुलसीपुर जनपद बलरामपुर
अल्पकालिक निविदा/आपूर्ति सूचना
ग्राम पंचायत फतेनगरा में मनरेगा पंचम राज्य वित /केंद्रीय वित आयोग पंद्रहवा वित/टोस एवं तरल अपशिष्ट प्रबंध के तहत मिशन कायाकल्प, स्वच्छ भारत मिशन के अंतर्गत स्वीकृत कार्य योजनाओं आंगनवाड़ी केंद्र, पंचायत भवन, सामुदायिक शौचालय, अंत्येष्टि स्थल, उच्च /प्राथमिक विद्यालय, खड़ंजा निर्माण संपर्क मार्ग का निर्माण, टीन सेड ग्राम पंचायत में पेयजल आपूर्ति, फार्मिग कार्य, साफ सफाई किट, सोलर लाइट, स्ट्रीट लाइट, इंटरलॉकिंग ईंट, शोकपिट गोदाम आश्रय स्थल निर्माण व एस एल डब्लू एम योजना अंतर्गत कार्य इत्यादि कार्य हेतु ईंट प्रथम श्रेणी, द्वितीय श्रेणी इंटरलॉकिंग ईंट, बालू, सीमेंट, मोरंग, विभिन्न साइज की सरिया, गिट, दायरिंग मे प्रयुक्त सामग्री, इंट गिट्टी, पत्थर गिट्टी, ह्यूम पाइप, हैंडपंप मरम्मत, रिबोर सामग्री, पेयजल योजना सामग्री सामुदायिक शौचालय पशु आश्रय स्थल पर भूसा/दाना चारा हेतु इत्यादि के आपूर्ति हेतु निविदा आमंत्रित की जाती है इच्छुक आपूर्तिकर्ता द्वारा सूचना 12-4-2025 तक के अंदर सामग्री आपूर्ति हेतु अपने वांछित प्रपत्र बंद लिफाफे में ग्राम पंचायत कार्यालय के निविदा बॉक्स में 12बजे तक डाली जाएगी 13-4-2025 को 12 बजे तक खोली जाएगी निविदा की धरोहर राशि 5000 होगी ग्राम पंचायत कार्यालय में प्रधान/ सचिव की उपस्थिति में निविदा पत्र खोला जाएगा। निविदा/ कोटेशन स्वीकृति करने का अधिकार ग्राम पंचायत कार्यालय के पास सुरक्षित होगा। उक्त सभी सामग्री वर्तमान समय उत्तर प्रदेश लोक निर्माण विभाग के विशिष्टियों के अनुसार पर महल गोंडा के द्वारा निर्धारित दरों के सापेक्ष की जाएगी शेष नियम शर्तें किसी भी कार्यालय दिवस मे ग्राम पंचायत कार्यालय से प्राप्त की जा सकती है निविदा ग्राम पंचायत के वित्तीय वर्ष 2025-26 मे कराए जाने वाले विकास कार्यों हेतु प्रभावी होगा।
अंजनी
ग्राम प्रधान
राहुल शुक्ला
सचिव
कार्यालय ग्राम पंचायत नौव्वा
विकास खंड तुलसीपुर जनपद बलरामपुर
अल्पकालिक निविदा/आपूर्ति सूचना
ग्राम पंचायत नौव्वा में मनरेगा पंचम राज्य वित /केंद्रीय वित आयोग पंद्रहवा वित/टोस एवं तरल अपशिष्ट प्रबंध के तहत मिशन कायाकल्प, स्वच्छ भारत मिशन के अंतर्गत स्वीकृत कार्य योजनाओं आंगनवाड़ी केंद्र, पंचायत भवन, सामुदायिक शौचालय, अंत्येष्टि स्थल, उच्च /प्राथमिक विद्यालय, खड़ंजा निर्माण संपर्क मार्ग का निर्माण, टीन सेड ग्राम पंचायत में पेयजल आपूर्ति, फार्मिग कार्य, साफ सफाई किट, सोलर लाइट, स्ट्रीट लाइट, इंटरलॉकिंग ईंट, शोकपिट गोदाम आश्रय स्थल निर्माण व एस एल डब्लू एम योजना अंतर्गत कार्य इत्यादि कार्य हेतु ईंट प्रथम श्रेणी, द्वितीय श्रेणी इंटरलॉकिंग ईंट, बालू, सीमेंट, मोरंग, विभिन्न साइज की सरिया, गिट, दायरिंग मे प्रयुक्त सामग्री, इंट गिट्टी, पत्थर गिट्टी, ह्यूम पाइप, हैंडपंप मरम्मत, रिबोर सामग्री, पेयजल योजना सामग्री सामुदायिक शौचालय पशु आश्रय स्थल पर भूसा/दाना चारा हेतु इत्यादि के आपूर्ति हेतु निविदा आमंत्रित की जाती है इच्छुक आपूर्तिकर्ता द्वारा सूचना 12-4-2025 तक के अंदर सामग्री आपूर्ति हेतु अपने वांछित प्रपत्र बंद लिफाफे में ग्राम पंचायत कार्यालय के निविदा बॉक्स में 12बजे तक डाली जाएगी 13-4-2025 को 12 बजे तक खोली जाएगी निविदा की धरोहर राशि 5000 होगी ग्राम पंचायत कार्यालय में प्रधान/ सचिव की उपस्थिति में निविदा पत्र खोला जाएगा। निविदा/ कोटेशन स्वीकृति करने का अधिकार ग्राम पंचायत कार्यालय के पास सुरक्षित होगा। उक्त सभी सामग्री वर्तमान समय उत्तर प्रदेश लोक निर्माण विभाग के विशिष्टियों के अनुसार पर महल गोंडा के द्वारा निर्धारित दरों के सापेक्ष की जाएगी शेष नियम शर्तें किसी भी कार्यालय दिवस मे ग्राम पंचायत कार्यालय से प्राप्त की जा सकती है निविदा ग्राम पंचायत के वित्तीय वर्ष 2025-26 मे कराए जाने वाले विकास कार्यों हेतु प्रभावी होगा।
कलाम
ग्राम प्रधान
श्रीप्रकाश गुप्ता
सचिव
कार्यालय ग्राम पंचायत कनहरा
विकास खंड तुलसीपुर जनपद बलरामपुर
अल्पकालिक निविदा/आपूर्ति सूचना
ग्राम पंचायत कनहरा में मनरेगा पंचम राज्य वित /केंद्रीय वित आयोग पंद्रहवा वित/टोस एवं तरल अपशिष्ट प्रबंध के तहत मिशन कायाकल्प, स्वच्छ भारत मिशन के अंतर्गत स्वीकृत कार्य योजनाओं आंगनवाड़ी केंद्र, पंचायत भवन, सामुदायिक शौचालय, अंत्येष्टि स्थल, उच्च /प्राथमिक विद्यालय, खड़ंजा निर्माण संपर्क मार्ग का निर्माण, टीन सेड ग्राम पंचायत में पेयजल आपूर्ति, फार्मिग कार्य, साफ सफाई किट, सोलर लाइट, स्ट्रीट लाइट, इंटरलॉकिंग ईंट, शोकपिट गोदाम आश्रय स्थल निर्माण व एस एल डब्लू एम योजना अंतर्गत कार्य इत्यादि कार्य हेतु ईंट प्रथम श्रेणी, द्वितीय श्रेणी इंटरलॉकिंग ईंट, बालू, सीमेंट, मोरंग, विभिन्न साइज की सरिया, गिट, दायरिंग मे प्रयुक्त सामग्री, इंट गिट्टी, पत्थर गिट्टी, ह्यूम पाइप, हैंडपंप मरम्मत, रिबोर सामग्री, पेयजल योजना सामग्री सामुदायिक शौचालय पशु आश्रय स्थल पर भूसा/दाना चारा हेतु इत्यादि के आपूर्ति हेतु निविदा आमंत्रित की जाती है इच्छुक आपूर्तिकर्ता द्वारा सूचना 12-4-2025 तक के अंदर सामग्री आपूर्ति हेतु अपने वांछित प्रपत्र बंद लिफाफे में ग्राम पंचायत कार्यालय के निविदा बॉक्स में 12बजे तक डाली जाएगी 13-4-2025 को 12 बजे तक खोली जाएगी निविदा की धरोहर राशि 5000 होगी ग्राम पंचायत कार्यालय में प्रधान/ सचिव की उपस्थिति में निविदा पत्र खोला जाएगा। निविदा/ कोटेशन स्वीकृति करने का अधिकार ग्राम पंचायत कार्यालय के पास सुरक्षित होगा। उक्त सभी सामग्री वर्तमान समय उत्तर प्रदेश लोक निर्माण विभाग के विशिष्टियों के अनुसार पर महल गोंडा के द्वारा निर्धारित दरों के सापेक्ष की जाएगी शेष नियम शर्तें किसी भी कार्यालय दिवस मे ग्राम पंचायत कार्यालय से प्राप्त की जा सकती है निविदा ग्राम पंचायत के वित्तीय वर्ष 2025-26 मे कराए जाने वाले विकास कार्यों हेतु प्रभावी होगा।
मोहम्मद उमर
ग्राम प्रधान
श्यामलाल
सचिव
कार्यालय ग्राम पंचायत सुगानगर
विकास खंड तुलसीपुर जनपद बलरामपुर
अल्पकालिक निविदा/आपूर्ति सूचना
ग्राम पंचायत सुगानगर में मनरेगा पंचम राज्य वित /केंद्रीय वित आयोग पंद्रहवा वित/टोस एवं तरल अपशिष्ट प्रबंध के तहत मिशन कायाकल्प, स्वच्छ भारत मिशन के अंतर्गत स्वीकृत कार्य योजनाओं आंगनवाड़ी केंद्र, पंचायत भवन, सामुदायिक शौचालय, अंत्येष्टि स्थल, उच्च /प्राथमिक विद्यालय, खड़ंजा निर्माण संपर्क मार्ग का निर्माण, टीन सेड ग्राम पंचायत में पेयजल आपूर्ति, फार्मिग कार्य, साफ सफाई किट, सोलर लाइट, स्ट्रीट लाइट, इंटरलॉकिंग ईंट, शोकपिट गोदाम आश्रय स्थल निर्माण व एस एल डब्लू एम योजना अंतर्गत कार्य इत्यादि कार्य हेतु ईंट प्रथम श्रेणी, द्वितीय श्रेणी इंटरलॉकिंग ईंट, बालू, सीमेंट, मोरंग, विभिन्न साइज की सरिया, गिट, दायरिंग मे प्रयुक्त सामग्री, इंट गिट्टी, पत्थर गिट्टी, ह्यूम पाइप, हैंडपंप मरम्मत, रिबोर सामग्री, पेयजल योजना सामग्री सामुदायिक शौचालय पशु आश्रय स्थल पर भूसा/दाना चारा हेतु इत्यादि के आपूर्ति हेतु निविदा आमंत्रित की जाती है इच्छुक आपूर्तिकर्ता द्वारा सूचना 12-4-2025 तक के अंदर सामग्री आपूर्ति हेतु अपने वांछित प्रपत्र बंद लिफाफे में ग्राम पंचायत कार्यालय के निविदा बॉक्स में 12बजे तक डाली जाएगी 13-4-2025 को 12 बजे तक खोली जाएगी निविदा की धरोहर राशि 5000 होगी ग्राम पंचायत कार्यालय में प्रधान/ सचिव की उपस्थिति में निविदा पत्र खोला जाएगा। निविदा/ कोटेशन स्वीकृति करने का अधिकार ग्राम पंचायत कार्यालय के पास सुरक्षित होगा। उक्त सभी सामग्री वर्तमान समय उत्तर प्रदेश लोक निर्माण विभाग के विशिष्टियों के अनुसार पर महल गोंडा के द्वारा निर्धारित दरों के सापेक्ष की जाएगी शेष नियम शर्तें किसी भी कार्यालय दिवस मे ग्राम पंचायत कार्यालय से प्राप्त की जा सकती है निविदा ग्राम पंचायत के वित्तीय वर्ष 2025-26 मे कराए जाने वाले विकास कार्यों हेतु प्रभावी होगा।
नंदकुमार वर्मा
ग्राम प्रधान
सुनील कुमार
सचिव
कार्यालय ग्राम पंचायत पुरनपुर
विकास खंड तुलसीपुर जनपद बलरामपुर
अल्पकालिक निविदा/आपूर्ति सूचना
ग्राम पंचायत पुरनपुर में मनरेगा पंचम राज्य वित /केंद्रीय वित आयोग पंद्रहवा वित/टोस एवं तरल अपशिष्ट प्रबंध के तहत मिशन कायाकल्प, स्वच्छ भारत मिशन के अंतर्गत स्वीकृत कार्य योजनाओं आंगनवाड़ी केंद्र, पंचायत भवन, सामुदायिक शौचालय, अंत्येष्टि स्थल, उच्च /प्राथमिक विद्यालय, खड़ंजा निर्माण संपर्क मार्ग का निर्माण, टीन सेड ग्राम पंचायत में पेयजल आपूर्ति, फार्मिग कार्य, साफ सफाई किट, सोलर लाइट, स्ट्रीट लाइट, इंटरलॉकिंग ईंट, शोकपिट गोदाम आश्रय स्थल निर्माण व एस एल डब्लू एम योजना अंतर्गत कार्य इत्यादि कार्य हेतु ईंट प्रथम श्रेणी, द्वितीय श्रेणी इंटरलॉकिंग ईंट, बालू, सीमेंट, मोरंग, विभिन्न साइज की सरिया, गिट, दायरिंग मे प्रयुक्त सामग्री, इंट गिट्टी, पत्थर गिट्टी, ह्यूम पाइप, हैंडपंप मरम्मत, रिबोर सामग्री, पेयजल योजना सामग्री सामुदायिक शौचालय पशु आश्रय स्थल पर भूसा/दाना चारा हेतु इत्यादि के आपूर्ति हेतु निविदा आमंत्रित की जाती है इच्छुक आपूर्तिकर्ता द्वारा सूचना 12-4-2025 तक के अंदर सामग्री आपूर्ति हेतु अपने वांछित प्रपत्र बंद लिफाफे में ग्राम पंचायत कार्यालय के निविदा बॉक्स में 12बजे तक डाली जाएगी 13-4-2025 को 12 बजे तक खोली जाएगी निविदा की धरोहर राशि 5000 होगी ग्राम पंचायत कार्यालय में प्रधान/ सचिव की उपस्थिति में निविदा पत्र खोला जाएगा। निविदा/ कोटेशन स्वीकृति करने का अधिकार ग्राम पंचायत कार्यालय के पास सुरक्षित होगा। उक्त सभी सामग्री वर्तमान समय उत्तर प्रदेश लोक निर्माण विभाग के विशिष्टियों के अनुसार पर महल गोंडा के द्वारा निर्धारित दरों के सापेक्ष की जाएगी शेष नियम शर्तें किसी भी कार्यालय दिवस मे ग्राम पंचायत कार्यालय से प्राप्त की जा सकती है निविदा ग्राम पंचायत के वित्तीय वर्ष 2025-26 मे कराए जाने वाले विकास कार्यों हेतु प्रभावी होगा।
अक्षय कुमार वर्मा
ग्राम प्रधान
राहुल शुक्ला
सचिव
कार्यालय ग्राम पंचायत मुडिला
विकास खंड तुलसीपुर जनपद बलरामपुर
अल्पकालिक निविदा/आपूर्ति सूचना
ग्राम पंचायत मुडिला में मनरेगा पंचम राज्य वित /केंद्रीय वित आयोग पंद्रहवा वित/टोस एवं तरल अपशिष्ट प्रबंध के तहत मिशन कायाकल्प, स्वच्छ भारत मिशन के अंतर्गत स्वीकृत कार्य योजनाओं आंगनवाड़ी केंद्र, पंचायत भवन, सामुदायिक शौचालय, अंत्येष्टि स्थल, उच्च /प्राथमिक विद्यालय, खड़ंजा निर्माण संपर्क मार्ग का निर्माण, टीन सेड ग्राम पंचायत में पेयजल आपूर्ति, फार्मिग कार्य, साफ सफाई किट, सोलर लाइट, स्ट्रीट लाइट, इंटरलॉकिंग ईंट, शोकपिट गोदाम आश्रय स्थल निर्माण व एस एल डब्लू एम योजना अंतर्गत कार्य इत्यादि कार्य हेतु ईंट प्रथम श्रेणी, द्वितीय श्रेणी इंटरलॉकिंग ईंट, बालू, सीमेंट, मोरंग, विभिन्न साइज की सरिया, गिट, दायरिंग मे प्रयुक्त सामग्री, इंट गिट्टी, पत्थर गिट्टी, ह्यूम पाइप, हैंडपंप मरम्मत, रिबोर सामग्री, पेयजल योजना सामग्री सामुदायिक शौचालय पशु आश्रय स्थल पर भूसा/दाना चारा हेतु इत्यादि के आपूर्ति हेतु निविदा आमंत्रित की जाती है इच्छुक आपूर्तिकर्ता द्वारा सूचना 12-4-2025 तक के अंदर सामग्री आपूर्ति हेतु अपने वांछित प्रपत्र बंद लिफाफे में ग्राम पंचायत कार्यालय के निविदा बॉक्स में 12बजे तक डाली जाएगी 13-4-2025 को 12 बजे तक खोली जाएगी निविदा की धरोहर राशि 5000 होगी ग्राम पंचायत कार्यालय में प्रधान/ सचिव की उपस्थिति में निविदा पत्र खोला जाएगा। निविदा/ कोटेशन स्वीकृति करने का अधिकार ग्राम पंचायत कार्यालय के पास सुरक्षित होगा। उक्त सभी सामग्री वर्तमान समय उत्तर प्रदेश लोक निर्माण विभाग के विशिष्टियों के अनुसार पर महल गोंडा के द्वारा निर्धारित दरों के सापेक्ष की जाएगी शेष नियम शर्तें किसी भी कार्यालय दिवस मे ग्राम पंचायत कार्यालय से प्राप्त की जा सकती है निविदा ग्राम पंचायत के वित्तीय वर्ष 2025-26 मे कराए जाने वाले विकास कार्यों हेतु प्रभावी होगा।
अनीता वर्मा
ग्राम प्रधान
श्रीप्रकाश गुप्ता
सचिव
कार्यालय ग्राम पंचायत लालबोझी
विकास खंड तुलसीपुर जनपद बलरामपुर
अल्पकालिक निविदा/आपूर्ति सूचना
ग्राम पंचायत लालबोझी में मनरेगा पंचम राज्य वित /केंद्रीय वित आयोग पंद्रहवा वित/टोस एवं तरल अपशिष्ट प्रबंध के तहत मिशन कायाकल्प, स्वच्छ भारत मिशन के अंतर्गत स्वीकृत कार्य योजनाओं आंगनवाड़ी केंद्र, पंचायत भवन, सामुदायिक शौचालय, अंत्येष्टि स्थल, उच्च /प्राथमिक विद्यालय, खड़ंजा निर्माण संपर्क मार्ग का निर्माण, टीन सेड ग्राम पंचायत में पेयजल आपूर्ति, फार्मिग कार्य, साफ सफाई किट, सोलर लाइट, स्ट्रीट लाइट, इंटरलॉकिंग ईंट, शोकपिट गोदाम आश्रय स्थल निर्माण व एस एल डब्लू एम योजना अंतर्गत कार्य इत्यादि कार्य हेतु ईंट प्रथम श्रेणी, द्वितीय श्रेणी इंटरलॉकिंग ईंट, बालू, सीमेंट, मोरंग, विभिन्न साइज की सरिया, गिट, दायरिंग मे प्रयुक्त सामग्री, इंट गिट्टी, पत्थर गिट्टी, ह्यूम पाइप, हैंडपंप मरम्मत, रिबोर सामग्री, पेयजल योजना सामग्री सामुदायिक शौचालय पशु आश्रय स्थल पर भूसा/दाना चारा हेतु इत्यादि के आपूर्ति हेतु निविदा आमंत्रित की जाती है इच्छुक आपूर्तिकर्ता द्वारा सूचना 12-4-2025 तक के अंदर सामग्री आपूर्ति हेतु अपने वांछित प्रपत्र बंद लिफाफे में ग्राम पंचायत कार्यालय के निविदा बॉक्स में 12बजे तक डाली जाएगी 13-4-2025 को 12 बजे तक खोली जाएगी निविदा की धरोहर राशि 5000 होगी ग्राम पंचायत कार्यालय में प्रधान/ सचिव की उपस्थिति में निविदा पत्र खोला जाएगा। निविदा/ कोटेशन स्वीकृति करने का अधिकार ग्राम पंचायत कार्यालय के पास सुरक्षित होगा। उक्त सभी सामग्री वर्तमान समय उत्तर प्रदेश लोक निर्माण विभाग के विशिष्टियों के अनुसार पर महल गोंडा के द्वारा निर्धारित दरों के सापेक्ष की जाएगी शेष नियम शर्तें किसी भी कार्यालय दिवस मे ग्राम पंचायत कार्यालय से प्राप्त की जा सकती है निविदा ग्राम पंचायत के वित्तीय वर्ष 2025-26 मे कराए जाने वाले विकास कार्यों हेतु प्रभावी होगा।
अंजनी देवी
ग्राम प्रधान
कृपाशंकर त्रिपाठी
सचिव
